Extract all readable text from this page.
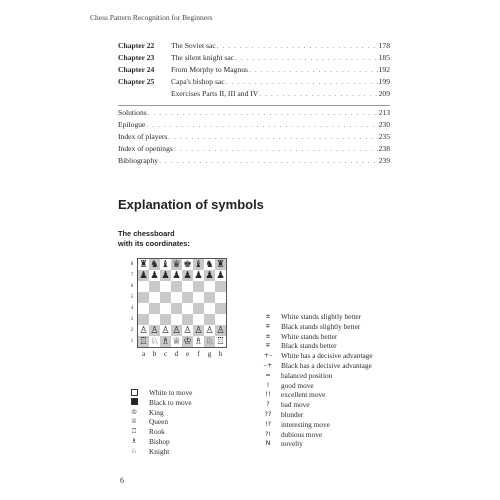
Chess Pattern Recognition for Beginners
Chapter 22	The Soviet sac . . .	178
Chapter 23	The silent knight sac . . .	185
Chapter 24	From Morphy to Magnus . . .	192
Chapter 25	Capa's bishop sac . . .	199
Exercises Parts II, III and IV . . .	209
Solutions . . .	213
Epilogue . . .	230
Index of players . . .	235
Index of openings . . .	238
Bibliography . . .	239
Explanation of symbols
The chessboard
with its coordinates:
8
7
6
5
4
3
2
1
♜ ♞ ♝ ♛ ♚ ♝ ♞ ♜
♟ ♟ ♟ ♟ ♟ ♟ ♟ ♟
♙ ♙ ♙ ♙ ♙ ♙ ♙ ♙
♖ ♘ ♗ ♕ ♔ ♗ ♘ ♖
a b c d e	f	g h
±	White stands slightly better
∓	Black stands slightly better
±	White stands better
∓	Black stands better
+–	White has a decisive advantage
–+	Black has a decisive advantage
=	balanced position
!	good move
!!	excellent move
?	bad move
??	blunder
!?	interesting move
?!	dubious move
N	novelty
White to move
Black to move
♔	King
♕	Queen
♖	Rook
♗	Bishop
♘	Knight
6
